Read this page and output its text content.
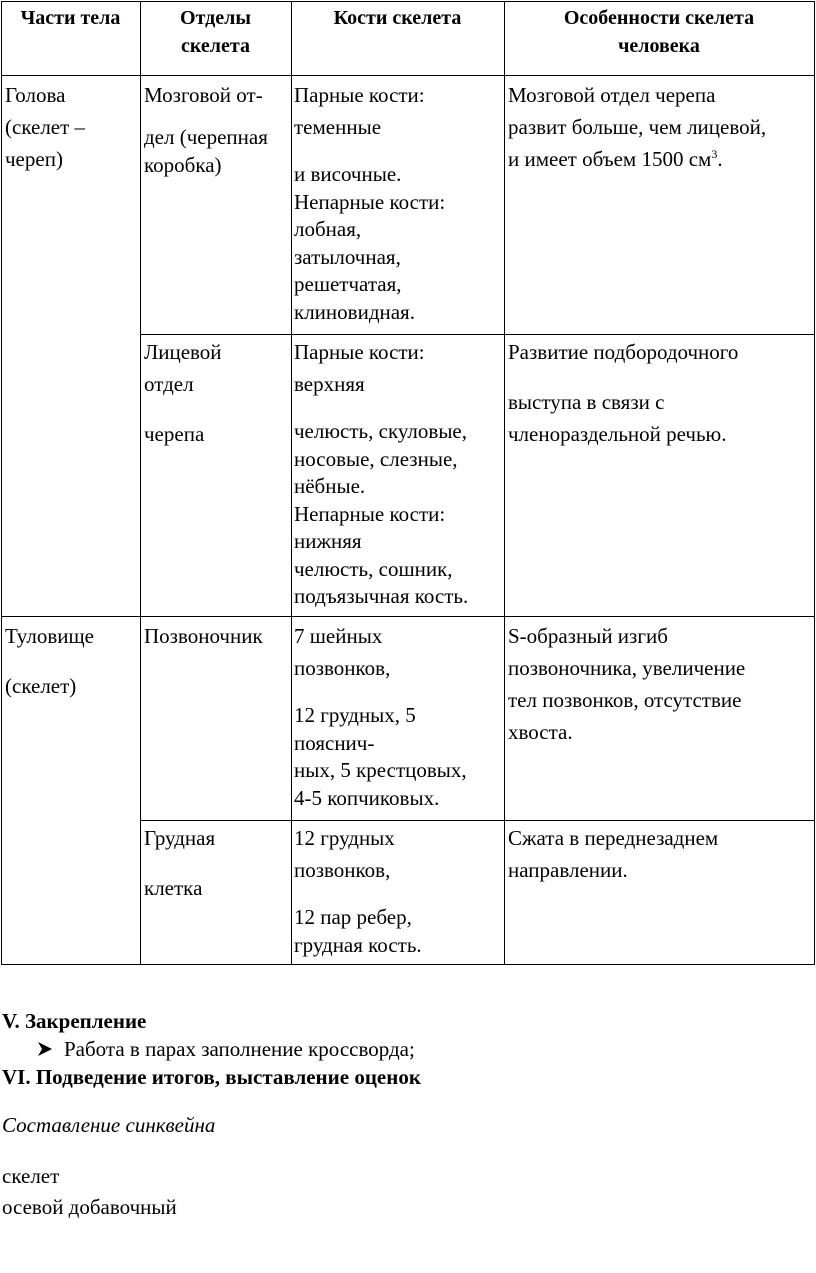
Части тела	Отделы
скелета
Кости скелета	Особенности скелета
человека
Голова
(скелет –
череп)
Мозговой от-
дел (черепная
коробка)
Парные кости:
теменные
и височные.
Непарные кости:
лобная,
затылочная,
решетчатая,
клиновидная.
Мозговой отдел черепа
развит больше, чем лицевой,
и имеет объем 1500 $см^3$.
Лицевой
отдел
черепа
Парные кости:
верхняя
челюсть, скуловые,
носовые, слезные,
нёбные.
Непарные кости:
нижняя
челюсть, сошник,
подъязычная кость.
Развитие подбородочного
выступа в связи с
членораздельной речью.
Туловище
(скелет)
Позвоночник 7 шейных
позвонков,
12 грудных, 5
пояснич-
ных, 5 крестцовых,
4-5 копчиковых.
S-образный изгиб
позвоночника, увеличение
тел позвонков, отсутствие
хвоста.
Грудная
клетка
12 грудных
позвонков,
12 пар ребер,
грудная кость.
Сжата в переднезаднем
направлении.
V. Закрепление
Работа в парах заполнение кроссворда;
VI. Подведение итогов, выставление оценок
Составление синквейна
скелет
осевой добавочный
